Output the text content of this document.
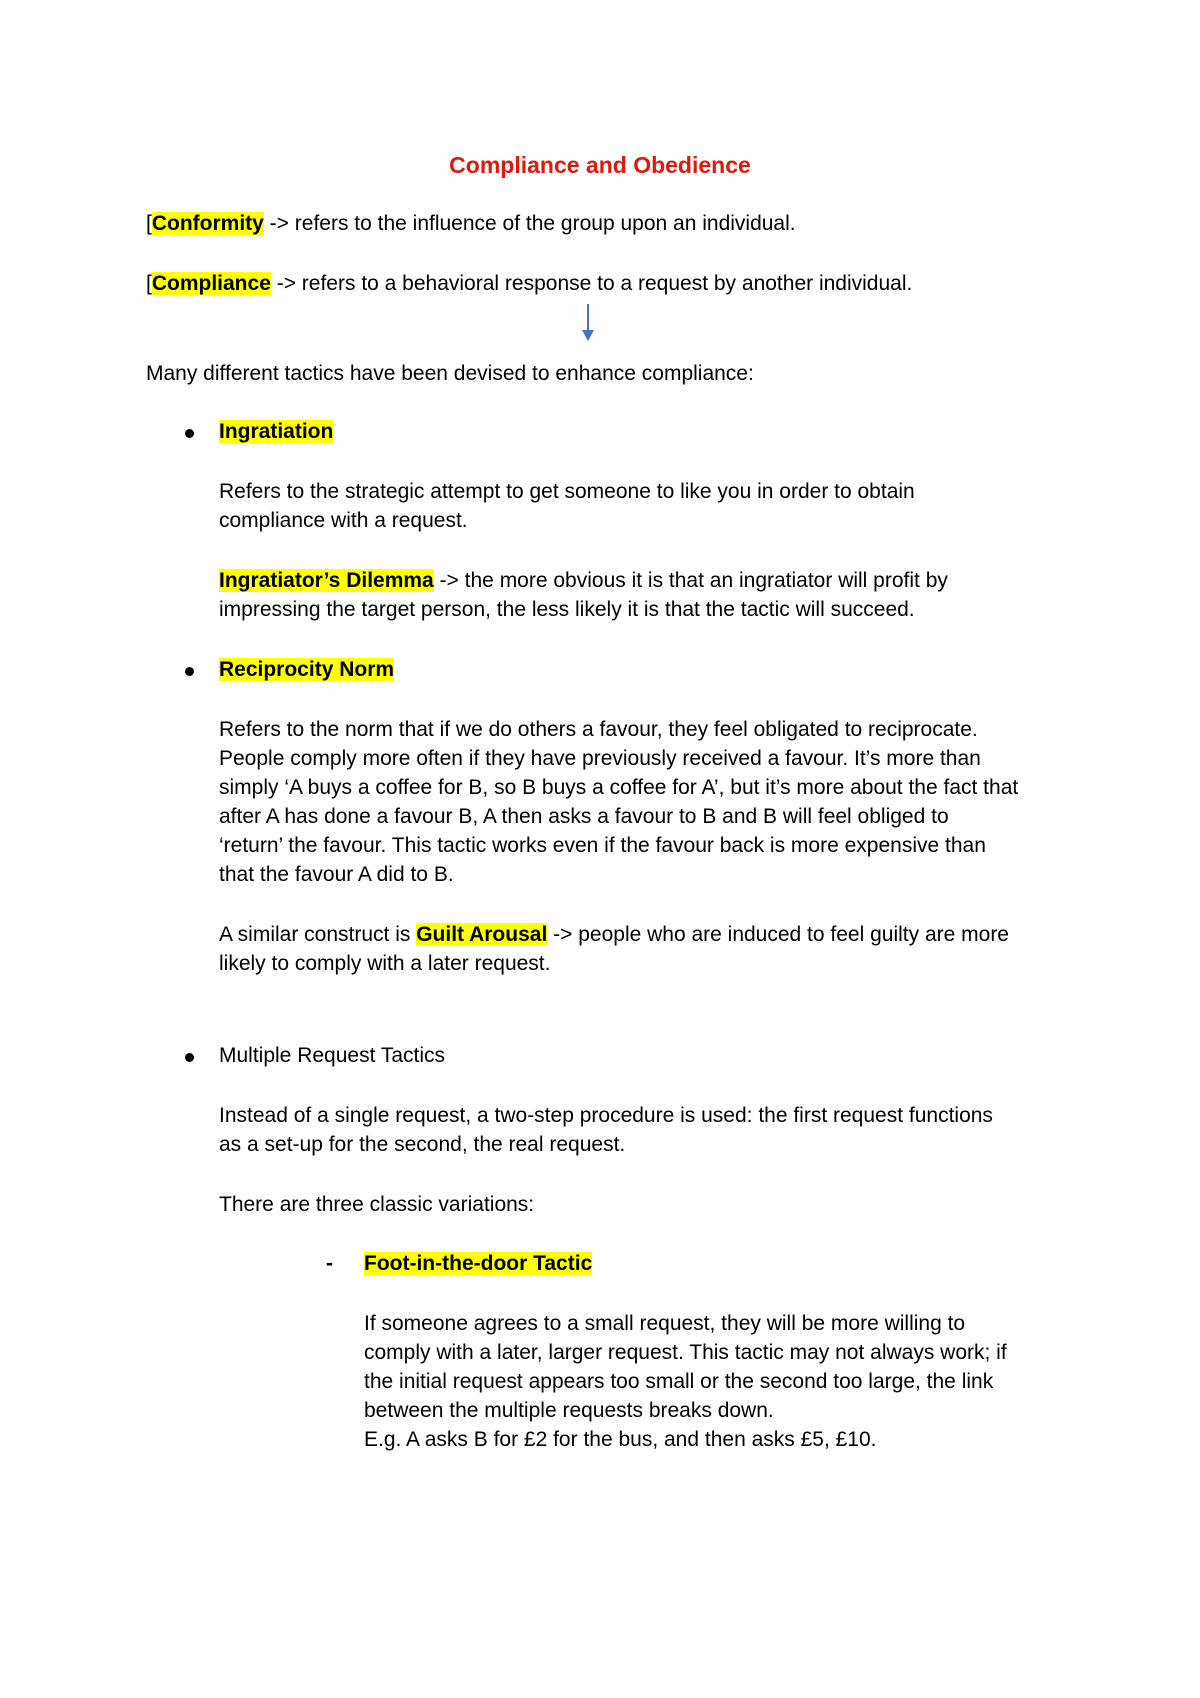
Compliance and Obedience
[Conformity -> refers to the influence of the group upon an individual.
[Compliance -> refers to a behavioral response to a request by another individual.
Many different tactics have been devised to enhance compliance:
Ingratiation
Refers to the strategic attempt to get someone to like you in order to obtain
compliance with a request.
Ingratiator’s Dilemma -> the more obvious it is that an ingratiator will profit by
impressing the target person, the less likely it is that the tactic will succeed.
Reciprocity Norm
Refers to the norm that if we do others a favour, they feel obligated to reciprocate.
People comply more often if they have previously received a favour. It’s more than
simply ‘A buys a coffee for B, so B buys a coffee for A’, but it’s more about the fact that
after A has done a favour B, A then asks a favour to B and B will feel obliged to
‘return’ the favour. This tactic works even if the favour back is more expensive than
that the favour A did to B.
A similar construct is Guilt Arousal -> people who are induced to feel guilty are more
likely to comply with a later request.
Multiple Request Tactics
Instead of a single request, a two-step procedure is used: the first request functions
as a set-up for the second, the real request.
There are three classic variations:
- Foot-in-the-door Tactic
If someone agrees to a small request, they will be more willing to
comply with a later, larger request. This tactic may not always work; if
the initial request appears too small or the second too large, the link
between the multiple requests breaks down.
E.g. A asks B for £2 for the bus, and then asks £5, £10.
